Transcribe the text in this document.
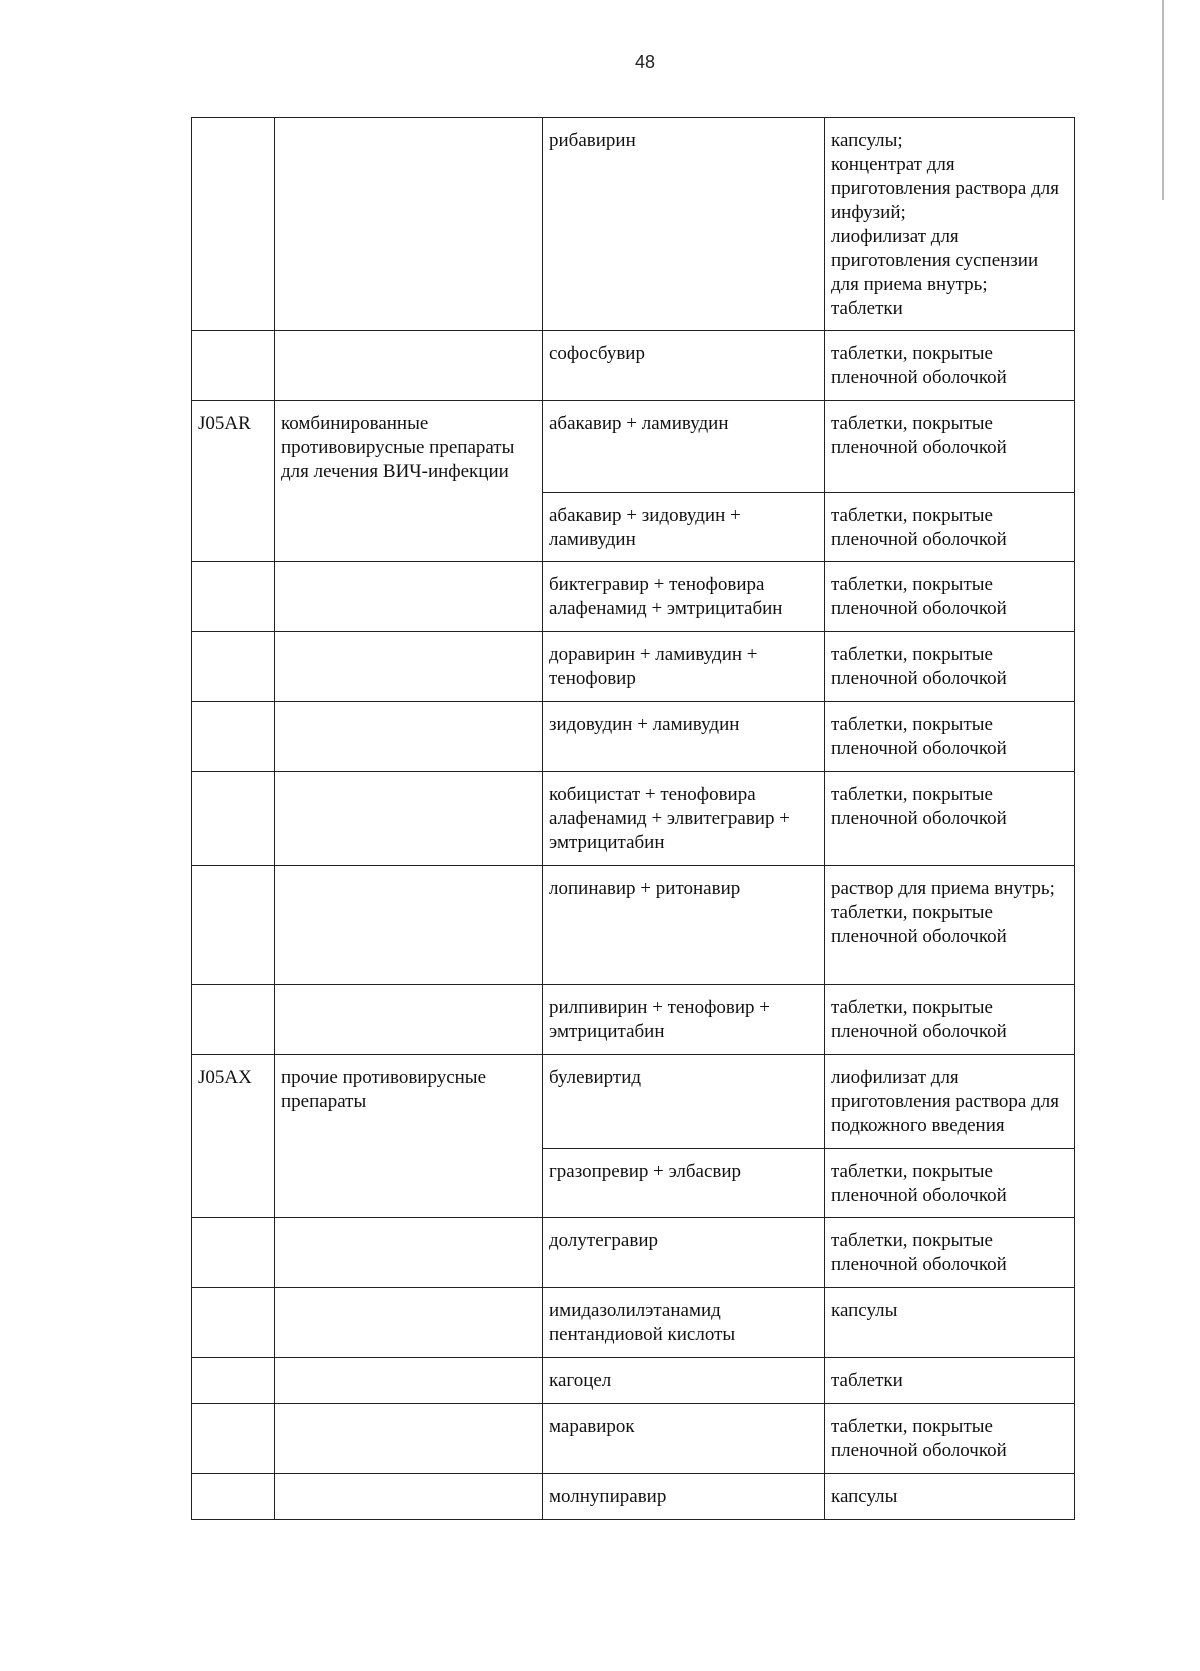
48
		рибавирин	капсулы;
концентрат для приготовления раствора для инфузий;
лиофилизат для приготовления суспензии для приема внутрь;
таблетки
		софосбувир	таблетки, покрытые пленочной оболочкой
J05AR	комбинированные противовирусные препараты для лечения ВИЧ-инфекции	абакавир + ламивудин	таблетки, покрытые пленочной оболочкой
		абакавир + зидовудин + ламивудин	таблетки, покрытые пленочной оболочкой
		биктегравир + тенофовира алафенамид + эмтрицитабин	таблетки, покрытые пленочной оболочкой
		доравирин + ламивудин + тенофовир	таблетки, покрытые пленочной оболочкой
		зидовудин + ламивудин	таблетки, покрытые пленочной оболочкой
		кобицистат + тенофовира алафенамид + элвитегравир + эмтрицитабин	таблетки, покрытые пленочной оболочкой
		лопинавир + ритонавир	раствор для приема внутрь;
таблетки, покрытые пленочной оболочкой
		рилпивирин + тенофовир + эмтрицитабин	таблетки, покрытые пленочной оболочкой
J05AX	прочие противовирусные препараты	булевиртид	лиофилизат для приготовления раствора для подкожного введения
		гразопревир + элбасвир	таблетки, покрытые пленочной оболочкой
		долутегравир	таблетки, покрытые пленочной оболочкой
		имидазолилэтанамид пентандиовой кислоты	капсулы
		кагоцел	таблетки
		маравирок	таблетки, покрытые пленочной оболочкой
		молнупиравир	капсулы
